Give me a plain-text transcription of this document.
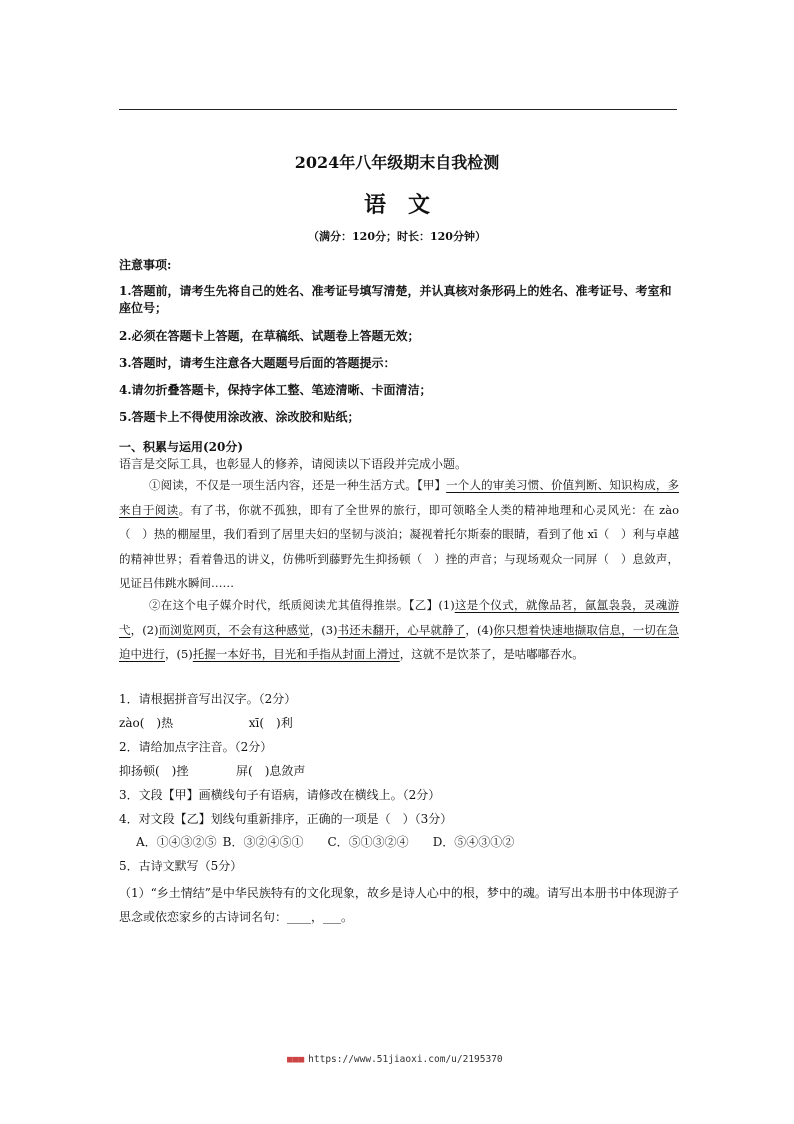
2024年八年级期末自我检测
语文
（满分：120分；时长：120分钟）
注意事项:
1.答题前，请考生先将自己的姓名、准考证号填写清楚，并认真核对条形码上的姓名、准考证号、考室和座位号；
2.必须在答题卡上答题，在草稿纸、试题卷上答题无效；
3.答题时，请考生注意各大题题号后面的答题提示：
4.请勿折叠答题卡，保持字体工整、笔迹清晰、卡面清洁；
5.答题卡上不得使用涂改液、涂改胶和贴纸；
一、积累与运用(20分)
语言是交际工具，也彰显人的修养，请阅读以下语段并完成小题。

①阅读，不仅是一项生活内容，还是一种生活方式。【甲】一个人的审美习惯、价值判断、知识构成，多来自于阅读。有了书，你就不孤独，即有了全世界的旅行，即可领略全人类的精神地理和心灵风光：在 zào（　）热的棚屋里，我们看到了居里夫妇的坚韧与淡泊；凝视着托尔斯泰的眼睛，看到了他 xī（　）利与卓越的精神世界；看着鲁迅的讲义，仿佛听到藤野先生抑扬顿（　）挫的声音；与现场观众一同屏（　）息敛声，见证吕伟跳水瞬间……

②在这个电子媒介时代，纸质阅读尤其值得推崇。【乙】(1)这是个仪式，就像品茗，氤氲袅袅，灵魂游弋，(2)而浏览网页，不会有这种感觉，(3)书还未翻开，心早就静了，(4)你只想着快速地撷取信息，一切在急迫中进行，(5)托握一本好书，目光和手指从封面上滑过，这就不是饮茶了，是咕嘟嘟吞水。

1．请根据拼音写出汉字。（2分）
zào(　)热	xī(　)利
2．请给加点字注音。（2分）
抑扬顿(　)挫	屏(　)息敛声
3．文段【甲】画横线句子有语病，请修改在横线上。（2分）
4．对文段【乙】划线句重新排序，正确的一项是（　）（3分）
A．①④③②⑤ B．③②④⑤① C．⑤①③②④ D．⑤④③①②
5．古诗文默写（5分）
（1）“乡土情结”是中华民族特有的文化现象，故乡是诗人心中的根，梦中的魂。请写出本册书中体现游子思念或依恋家乡的古诗词名句：____，___。
■■■ https://www.51jiaoxi.com/u/2195370
